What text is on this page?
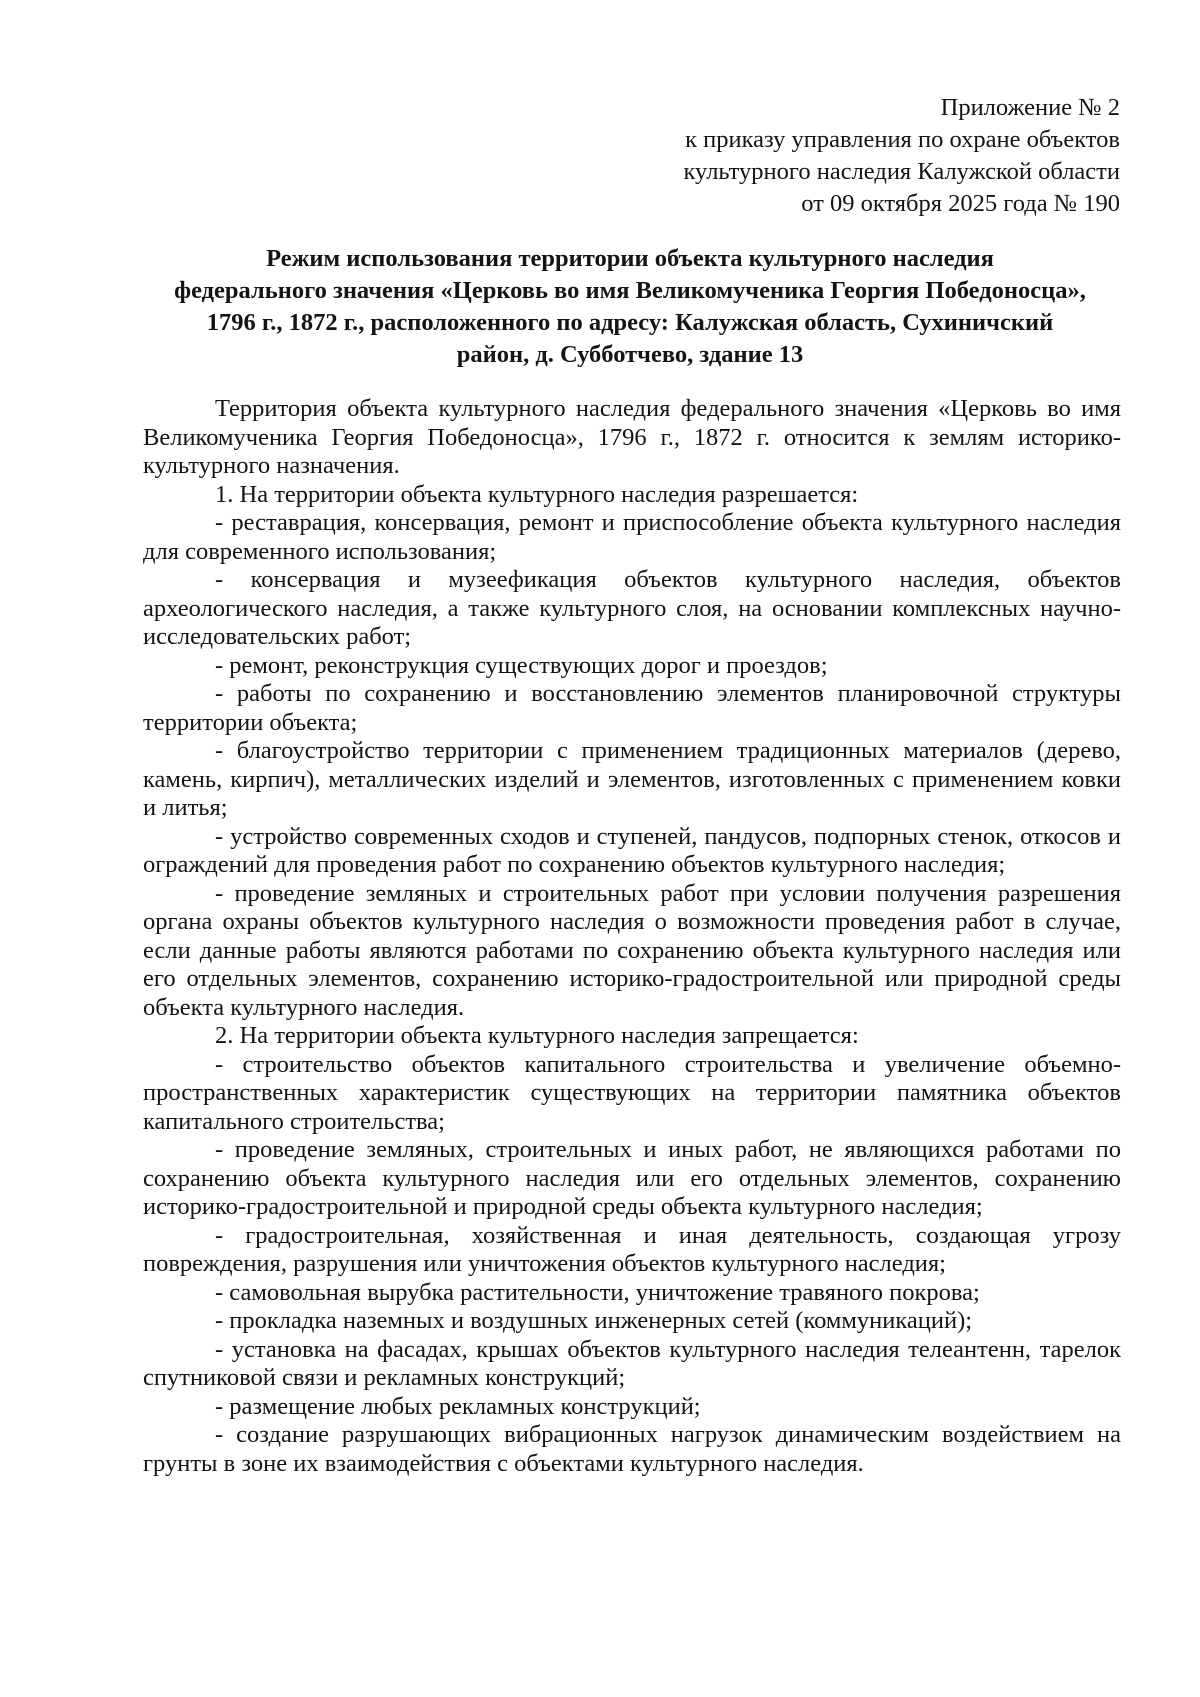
Приложение № 2
к приказу управления по охране объектов
культурного наследия Калужской области
от 09 октября 2025 года № 190
Режим использования территории объекта культурного наследия
федерального значения «Церковь во имя Великомученика Георгия Победоносца»,
1796 г., 1872 г., расположенного по адресу: Калужская область, Сухиничский
район, д. Субботчево, здание 13

Территория объекта культурного наследия федерального значения «Церковь во имя Великомученика Георгия Победоносца», 1796 г., 1872 г. относится к землям историко-культурного назначения.

1. На территории объекта культурного наследия разрешается:

- реставрация, консервация, ремонт и приспособление объекта культурного наследия для современного использования;

- консервация и музеефикация объектов культурного наследия, объектов археологического наследия, а также культурного слоя, на основании комплексных научно-исследовательских работ;

- ремонт, реконструкция существующих дорог и проездов;

- работы по сохранению и восстановлению элементов планировочной структуры территории объекта;

- благоустройство территории с применением традиционных материалов (дерево, камень, кирпич), металлических изделий и элементов, изготовленных с применением ковки и литья;

- устройство современных сходов и ступеней, пандусов, подпорных стенок, откосов и ограждений для проведения работ по сохранению объектов культурного наследия;

- проведение земляных и строительных работ при условии получения разрешения органа охраны объектов культурного наследия о возможности проведения работ в случае, если данные работы являются работами по сохранению объекта культурного наследия или его отдельных элементов, сохранению историко-градостроительной или природной среды объекта культурного наследия.

2. На территории объекта культурного наследия запрещается:

- строительство объектов капитального строительства и увеличение объемно-пространственных характеристик существующих на территории памятника объектов капитального строительства;

- проведение земляных, строительных и иных работ, не являющихся работами по сохранению объекта культурного наследия или его отдельных элементов, сохранению историко-градостроительной и природной среды объекта культурного наследия;

- градостроительная, хозяйственная и иная деятельность, создающая угрозу повреждения, разрушения или уничтожения объектов культурного наследия;

- самовольная вырубка растительности, уничтожение травяного покрова;

- прокладка наземных и воздушных инженерных сетей (коммуникаций);

- установка на фасадах, крышах объектов культурного наследия телеантенн, тарелок спутниковой связи и рекламных конструкций;

- размещение любых рекламных конструкций;

- создание разрушающих вибрационных нагрузок динамическим воздействием на грунты в зоне их взаимодействия с объектами культурного наследия.
